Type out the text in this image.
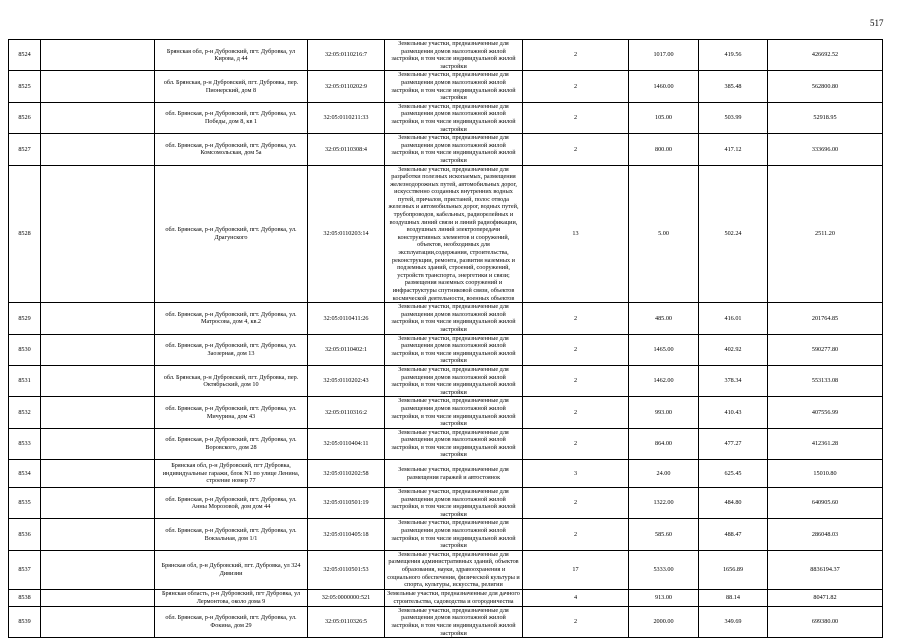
517
8524		Брянская обл, р-н Дубровский, пгт. Дубровка, ул Кирова, д 44	32:05:0110216:7	Земельные участки, предназначенные для размещения домов малоэтажной жилой застройки, в том числе индивидуальной жилой застройки	2	1017.00	419.56	426692.52
8525		обл. Брянская, р-н Дубровский, пгт. Дубровка, пер. Пионерский, дом 8	32:05:0110202:9	Земельные участки, предназначенные для размещения домов малоэтажной жилой застройки, в том числе индивидуальной жилой застройки	2	1460.00	385.48	562800.80
8526		обл. Брянская, р-н Дубровский, пгт. Дубровка, ул. Победы, дом 8, кв 1	32:05:0110211:33	Земельные участки, предназначенные для размещения домов малоэтажной жилой застройки, в том числе индивидуальной жилой застройки	2	105.00	503.99	52918.95
8527		обл. Брянская, р-н Дубровский, пгт. Дубровка, ул. Комсомольская, дом 5а	32:05:0110308:4	Земельные участки, предназначенные для размещения домов малоэтажной жилой застройки, в том числе индивидуальной жилой застройки	2	800.00	417.12	333696.00
8528		обл. Брянская, р-н Дубровский, пгт. Дубровка, ул. Драгунского	32:05:0110203:14	Земельные участки, предназначенные для разработки полезных ископаемых, размещения железнодорожных путей, автомобильных дорог, искусственно созданных внутренних водных путей, причалов, пристаней, полос отвода железных и автомобильных дорог, водных путей, трубопроводов, кабельных, радиорелейных и воздушных линий связи и линий радиофикации, воздушных линий электропередачи конструктивных элементов и сооружений, объектов, необходимых для эксплуатации,содержания, строительства, реконструкции, ремонта, развития наземных и подземных зданий, строений, сооружений, устройств транспорта, энергетики и связи; размещения наземных сооружений и инфраструктуры спутниковой связи, объектов космической деятельности, военных объектов	13	5.00	502.24	2511.20
8529		обл. Брянская, р-н Дубровский, пгт. Дубровка, ул. Матросова, дом 4, кв.2	32:05:0110411:26	Земельные участки, предназначенные для размещения домов малоэтажной жилой застройки, в том числе индивидуальной жилой застройки	2	485.00	416.01	201764.85
8530		обл. Брянская, р-н Дубровский, пгт. Дубровка, ул. Заозерная, дом 13	32:05:0110402:1	Земельные участки, предназначенные для размещения домов малоэтажной жилой застройки, в том числе индивидуальной жилой застройки	2	1465.00	402.92	590277.80
8531		обл. Брянская, р-н Дубровский, пгт. Дубровка, пер. Октябрьский, дом 10	32:05:0110202:43	Земельные участки, предназначенные для размещения домов малоэтажной жилой застройки, в том числе индивидуальной жилой застройки	2	1462.00	378.34	553133.08
8532		обл. Брянская, р-н Дубровский, пгт. Дубровка, ул. Мичурина, дом 43	32:05:0110316:2	Земельные участки, предназначенные для размещения домов малоэтажной жилой застройки, в том числе индивидуальной жилой застройки	2	993.00	410.43	407556.99
8533		обл. Брянская, р-н Дубровский, пгт. Дубровка, ул. Воровского, дом 28	32:05:0110404:11	Земельные участки, предназначенные для размещения домов малоэтажной жилой застройки, в том числе индивидуальной жилой застройки	2	864.00	477.27	412361.28
8534		Брянская обл, р-н Дубровский, пгт Дубровка, индивидуальные гаражи, блок N1 по улице Ленина, строение номер 77	32:05:0110202:58	Земельные участки, предназначенные для размещения гаражей и автостоянок	3	24.00	625.45	15010.80
8535		обл. Брянская, р-н Дубровский, пгт. Дубровка, ул. Анны Морозовой, дом дом 44	32:05:0110501:19	Земельные участки, предназначенные для размещения домов малоэтажной жилой застройки, в том числе индивидуальной жилой застройки	2	1322.00	484.80	640905.60
8536		обл. Брянская, р-н Дубровский, пгт. Дубровка, ул. Вокзальная, дом 1/1	32:05:0110405:18	Земельные участки, предназначенные для размещения домов малоэтажной жилой застройки, в том числе индивидуальной жилой застройки	2	585.60	488.47	286048.03
8537		Брянская обл, р-н Дубровский, пгт. Дубровка, ул 324 Дивизии	32:05:0110501:53	Земельные участки, предназначенные для размещения административных зданий, объектов образования, науки, здравоохранения и социального обеспечения, физической культуры и спорта, культуры, искусства, религии	17	5333.00	1656.89	8836194.37
8538		Брянская область, р-н Дубровский, пгт Дубровка, ул Лермонтова, около дома 9	32:05:0000000:521	Земельные участки, предназначенные для дачного строительства, садоводства и огородничества	4	913.00	88.14	80471.82
8539		обл. Брянская, р-н Дубровский, пгт. Дубровка, ул. Фокина, дом 29	32:05:0110326:5	Земельные участки, предназначенные для размещения домов малоэтажной жилой застройки, в том числе индивидуальной жилой застройки	2	2000.00	349.69	699380.00
